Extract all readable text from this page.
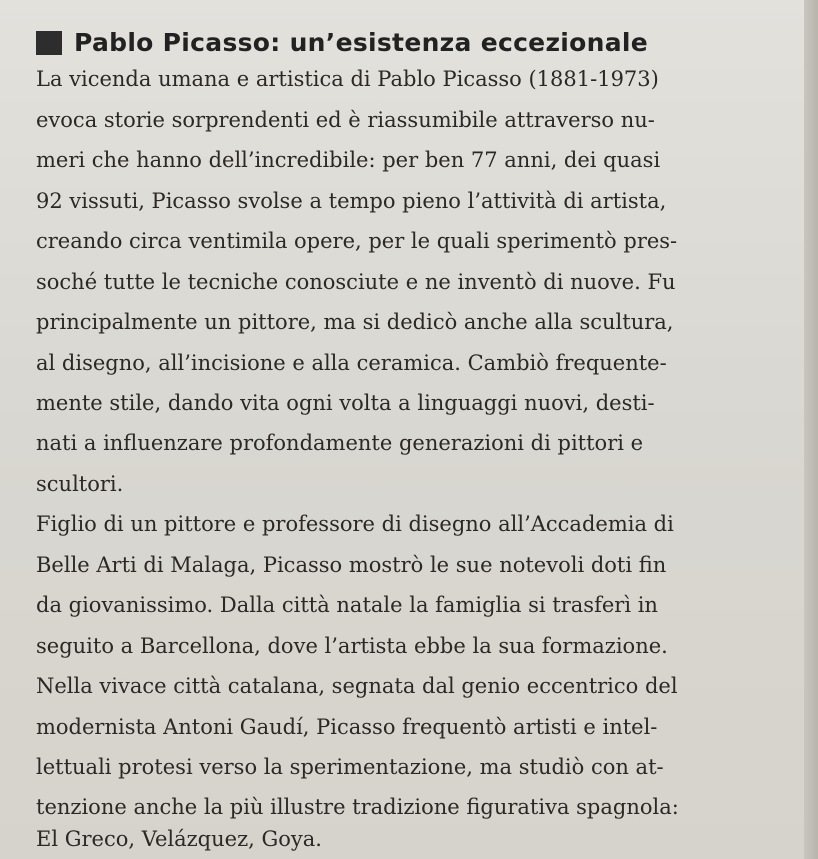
Pablo Picasso: un’esistenza eccezionale
La vicenda umana e artistica di Pablo Picasso (1881-1973)
evoca storie sorprendenti ed è riassumibile attraverso nu-
meri che hanno dell’incredibile: per ben 77 anni, dei quasi
92 vissuti, Picasso svolse a tempo pieno l’attività di artista,
creando circa ventimila opere, per le quali sperimentò pres-
soché tutte le tecniche conosciute e ne inventò di nuove. Fu
principalmente un pittore, ma si dedicò anche alla scultura,
al disegno, all’incisione e alla ceramica. Cambiò frequente-
mente stile, dando vita ogni volta a linguaggi nuovi, desti-
nati a influenzare profondamente generazioni di pittori e
scultori.
Figlio di un pittore e professore di disegno all’Accademia di
Belle Arti di Malaga, Picasso mostrò le sue notevoli doti fin
da giovanissimo. Dalla città natale la famiglia si trasferì in
seguito a Barcellona, dove l’artista ebbe la sua formazione.
Nella vivace città catalana, segnata dal genio eccentrico del
modernista Antoni Gaudí, Picasso frequentò artisti e intel-
lettuali protesi verso la sperimentazione, ma studiò con at-
tenzione anche la più illustre tradizione figurativa spagnola:
El Greco, Velázquez, Goya.
